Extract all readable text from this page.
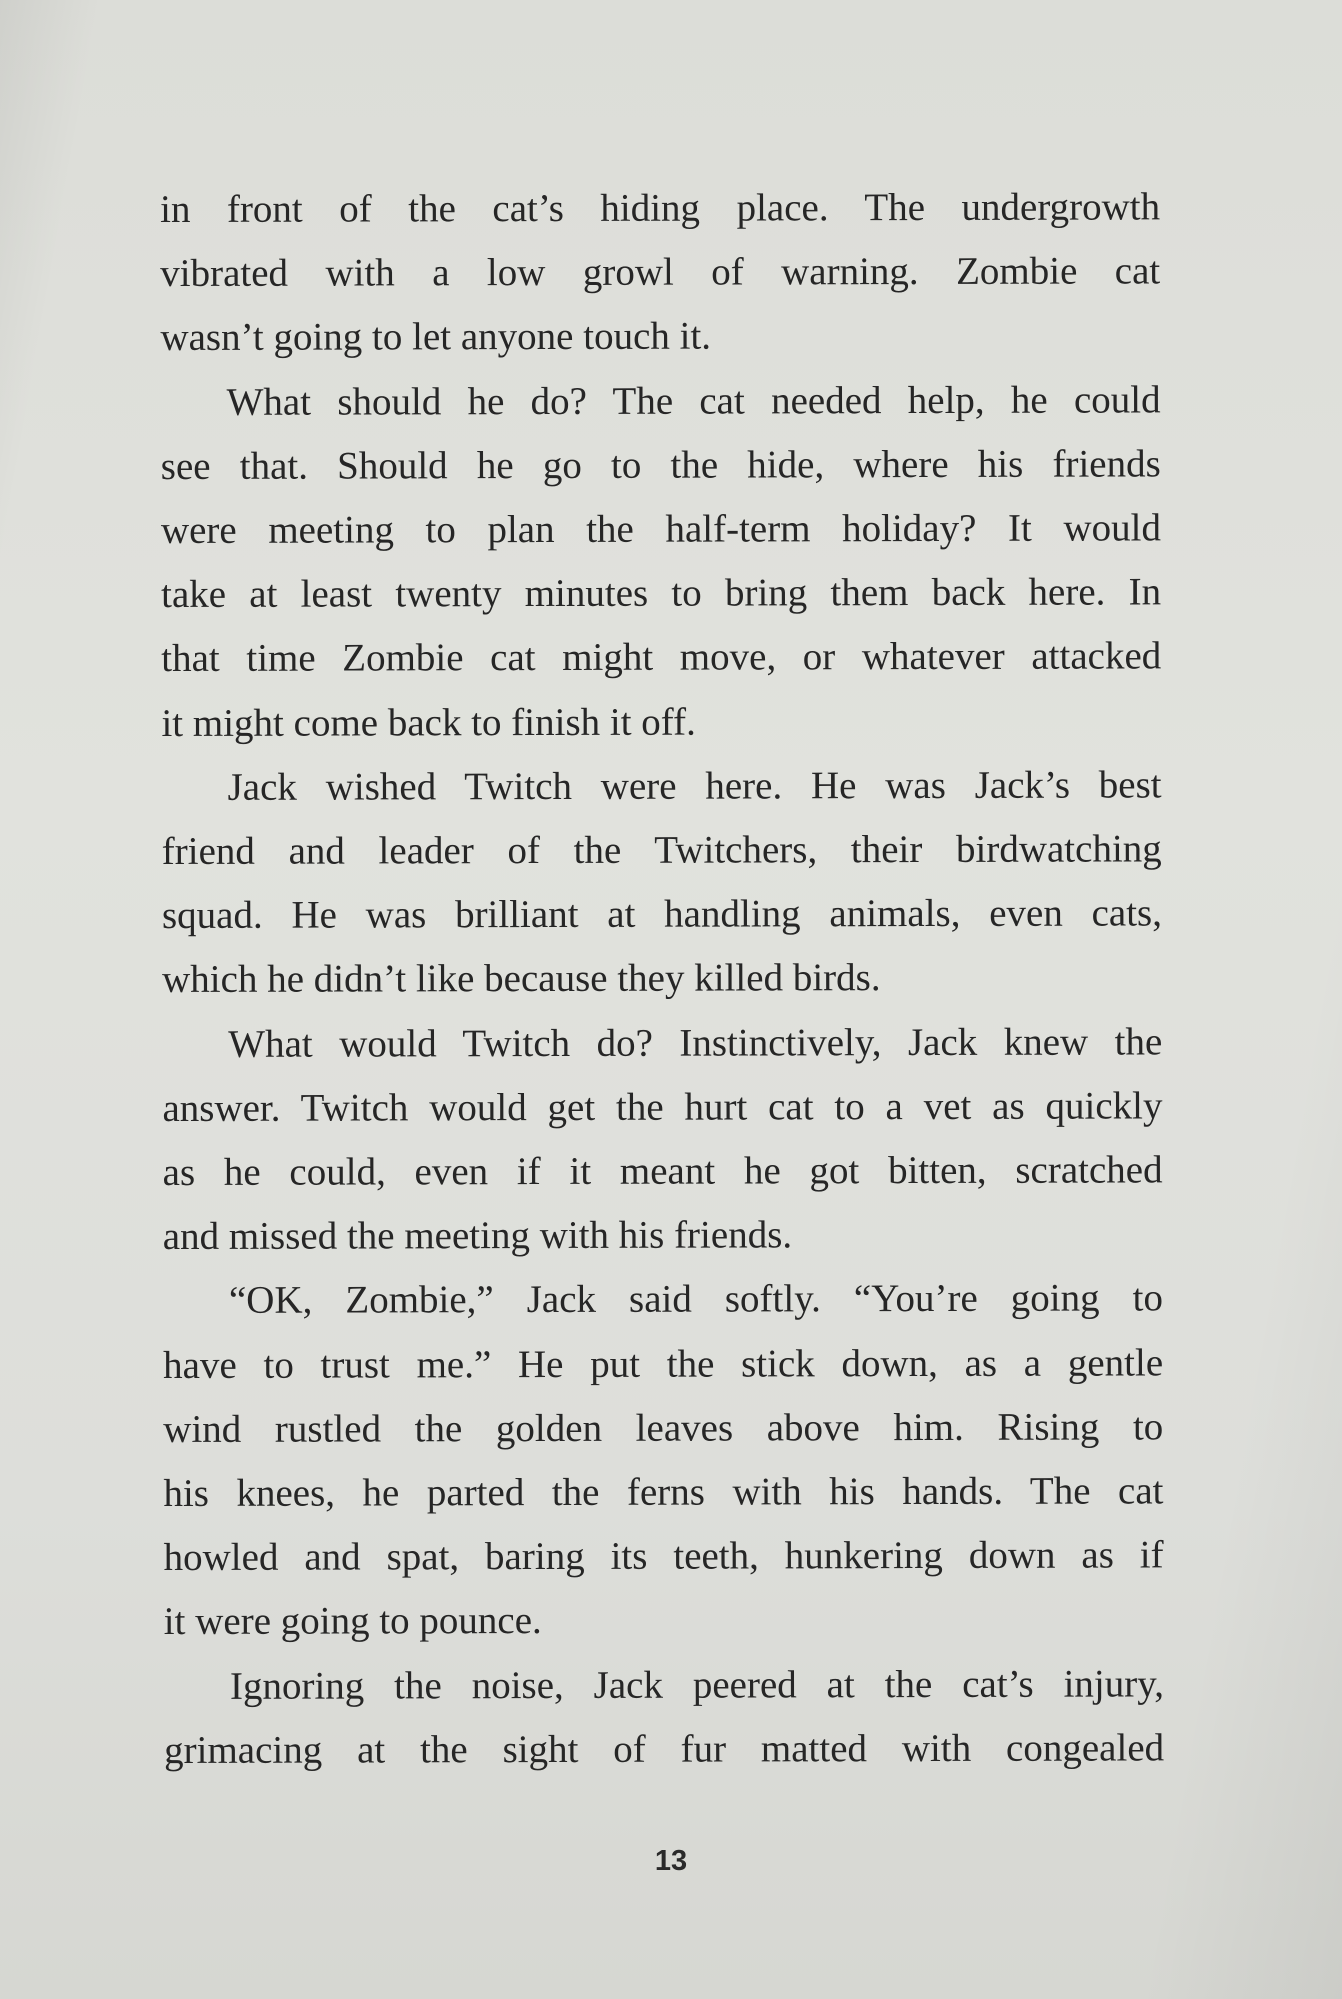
in front of the cat’s hiding place. The undergrowth
vibrated with a low growl of warning. Zombie cat
wasn’t going to let anyone touch it.
What should he do? The cat needed help, he could
see that. Should he go to the hide, where his friends
were meeting to plan the half-term holiday? It would
take at least twenty minutes to bring them back here. In
that time Zombie cat might move, or whatever attacked
it might come back to finish it off.
Jack wished Twitch were here. He was Jack’s best
friend and leader of the Twitchers, their birdwatching
squad. He was brilliant at handling animals, even cats,
which he didn’t like because they killed birds.
What would Twitch do? Instinctively, Jack knew the
answer. Twitch would get the hurt cat to a vet as quickly
as he could, even if it meant he got bitten, scratched
and missed the meeting with his friends.
“OK, Zombie,” Jack said softly. “You’re going to
have to trust me.” He put the stick down, as a gentle
wind rustled the golden leaves above him. Rising to
his knees, he parted the ferns with his hands. The cat
howled and spat, baring its teeth, hunkering down as if
it were going to pounce.
Ignoring the noise, Jack peered at the cat’s injury,
grimacing at the sight of fur matted with congealed
13
